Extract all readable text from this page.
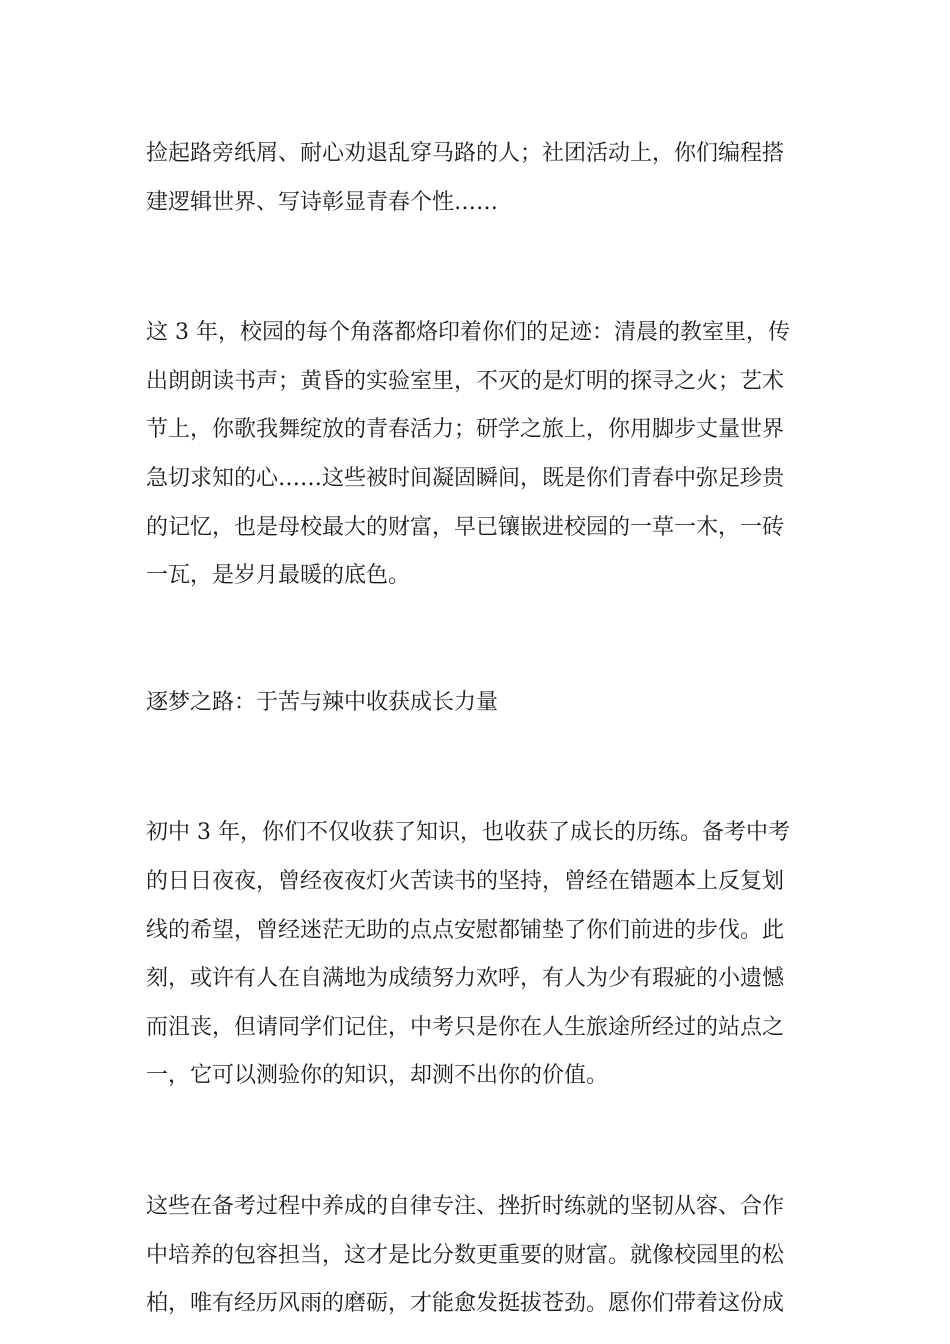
捡起路旁纸屑、耐心劝退乱穿马路的人；社团活动上，你们编程搭
建逻辑世界、写诗彰显青春个性……

这 3 年，校园的每个角落都烙印着你们的足迹：清晨的教室里，传
出朗朗读书声；黄昏的实验室里，不灭的是灯明的探寻之火；艺术
节上，你歌我舞绽放的青春活力；研学之旅上，你用脚步丈量世界
急切求知的心……这些被时间凝固瞬间，既是你们青春中弥足珍贵
的记忆，也是母校最大的财富，早已镶嵌进校园的一草一木，一砖
一瓦，是岁月最暖的底色。

逐梦之路：于苦与辣中收获成长力量

初中 3 年，你们不仅收获了知识，也收获了成长的历练。备考中考
的日日夜夜，曾经夜夜灯火苦读书的坚持，曾经在错题本上反复划
线的希望，曾经迷茫无助的点点安慰都铺垫了你们前进的步伐。此
刻，或许有人在自满地为成绩努力欢呼，有人为少有瑕疵的小遗憾
而沮丧，但请同学们记住，中考只是你在人生旅途所经过的站点之
一，它可以测验你的知识，却测不出你的价值。

这些在备考过程中养成的自律专注、挫折时练就的坚韧从容、合作
中培养的包容担当，这才是比分数更重要的财富。就像校园里的松
柏，唯有经历风雨的磨砺，才能愈发挺拔苍劲。愿你们带着这份成
